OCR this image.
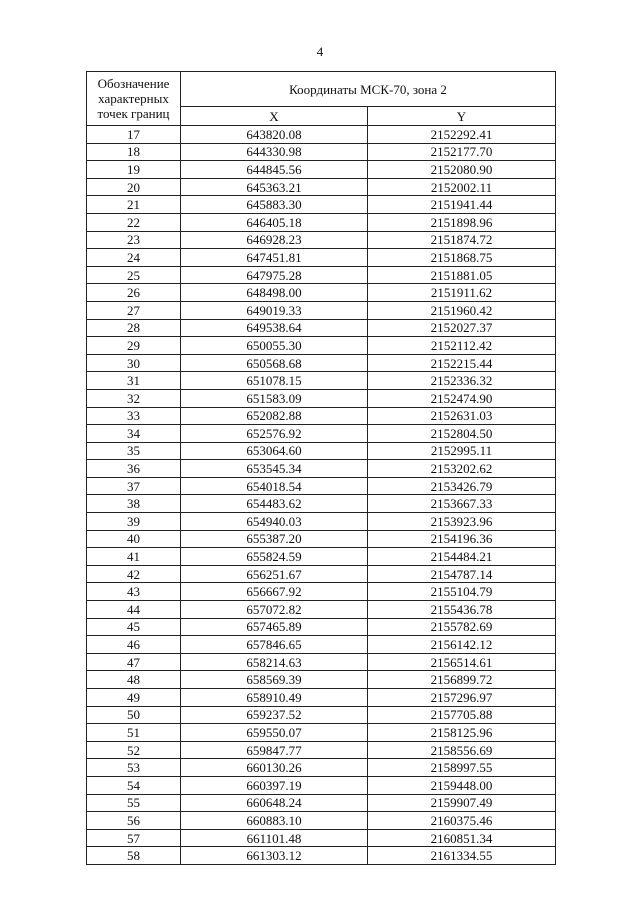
4
Обозначение характерных точек границ	Координаты МСК-70, зона 2	
	X	Y
17	643820.08	2152292.41
18	644330.98	2152177.70
19	644845.56	2152080.90
20	645363.21	2152002.11
21	645883.30	2151941.44
22	646405.18	2151898.96
23	646928.23	2151874.72
24	647451.81	2151868.75
25	647975.28	2151881.05
26	648498.00	2151911.62
27	649019.33	2151960.42
28	649538.64	2152027.37
29	650055.30	2152112.42
30	650568.68	2152215.44
31	651078.15	2152336.32
32	651583.09	2152474.90
33	652082.88	2152631.03
34	652576.92	2152804.50
35	653064.60	2152995.11
36	653545.34	2153202.62
37	654018.54	2153426.79
38	654483.62	2153667.33
39	654940.03	2153923.96
40	655387.20	2154196.36
41	655824.59	2154484.21
42	656251.67	2154787.14
43	656667.92	2155104.79
44	657072.82	2155436.78
45	657465.89	2155782.69
46	657846.65	2156142.12
47	658214.63	2156514.61
48	658569.39	2156899.72
49	658910.49	2157296.97
50	659237.52	2157705.88
51	659550.07	2158125.96
52	659847.77	2158556.69
53	660130.26	2158997.55
54	660397.19	2159448.00
55	660648.24	2159907.49
56	660883.10	2160375.46
57	661101.48	2160851.34
58	661303.12	2161334.55
